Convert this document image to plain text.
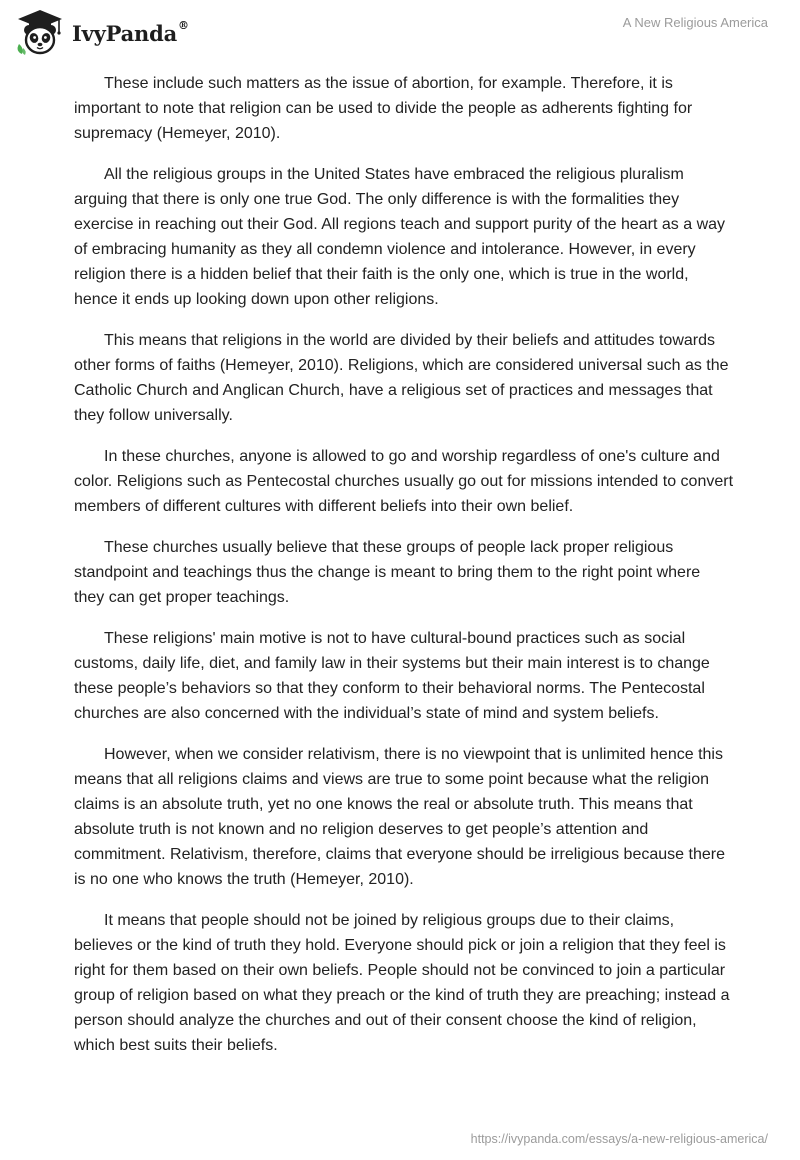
IvyPanda®	A New Religious America

These include such matters as the issue of abortion, for example. Therefore, it is important to note that religion can be used to divide the people as adherents fighting for supremacy (Hemeyer, 2010).

All the religious groups in the United States have embraced the religious pluralism arguing that there is only one true God. The only difference is with the formalities they exercise in reaching out their God. All regions teach and support purity of the heart as a way of embracing humanity as they all condemn violence and intolerance. However, in every religion there is a hidden belief that their faith is the only one, which is true in the world, hence it ends up looking down upon other religions.

This means that religions in the world are divided by their beliefs and attitudes towards other forms of faiths (Hemeyer, 2010). Religions, which are considered universal such as the Catholic Church and Anglican Church, have a religious set of practices and messages that they follow universally.

In these churches, anyone is allowed to go and worship regardless of one's culture and color. Religions such as Pentecostal churches usually go out for missions intended to convert members of different cultures with different beliefs into their own belief.

These churches usually believe that these groups of people lack proper religious standpoint and teachings thus the change is meant to bring them to the right point where they can get proper teachings.

These religions' main motive is not to have cultural-bound practices such as social customs, daily life, diet, and family law in their systems but their main interest is to change these people’s behaviors so that they conform to their behavioral norms. The Pentecostal churches are also concerned with the individual’s state of mind and system beliefs.

However, when we consider relativism, there is no viewpoint that is unlimited hence this means that all religions claims and views are true to some point because what the religion claims is an absolute truth, yet no one knows the real or absolute truth. This means that absolute truth is not known and no religion deserves to get people’s attention and commitment. Relativism, therefore, claims that everyone should be irreligious because there is no one who knows the truth (Hemeyer, 2010).

It means that people should not be joined by religious groups due to their claims, believes or the kind of truth they hold. Everyone should pick or join a religion that they feel is right for them based on their own beliefs. People should not be convinced to join a particular group of religion based on what they preach or the kind of truth they are preaching; instead a person should analyze the churches and out of their consent choose the kind of religion, which best suits their beliefs.

https://ivypanda.com/essays/a-new-religious-america/
